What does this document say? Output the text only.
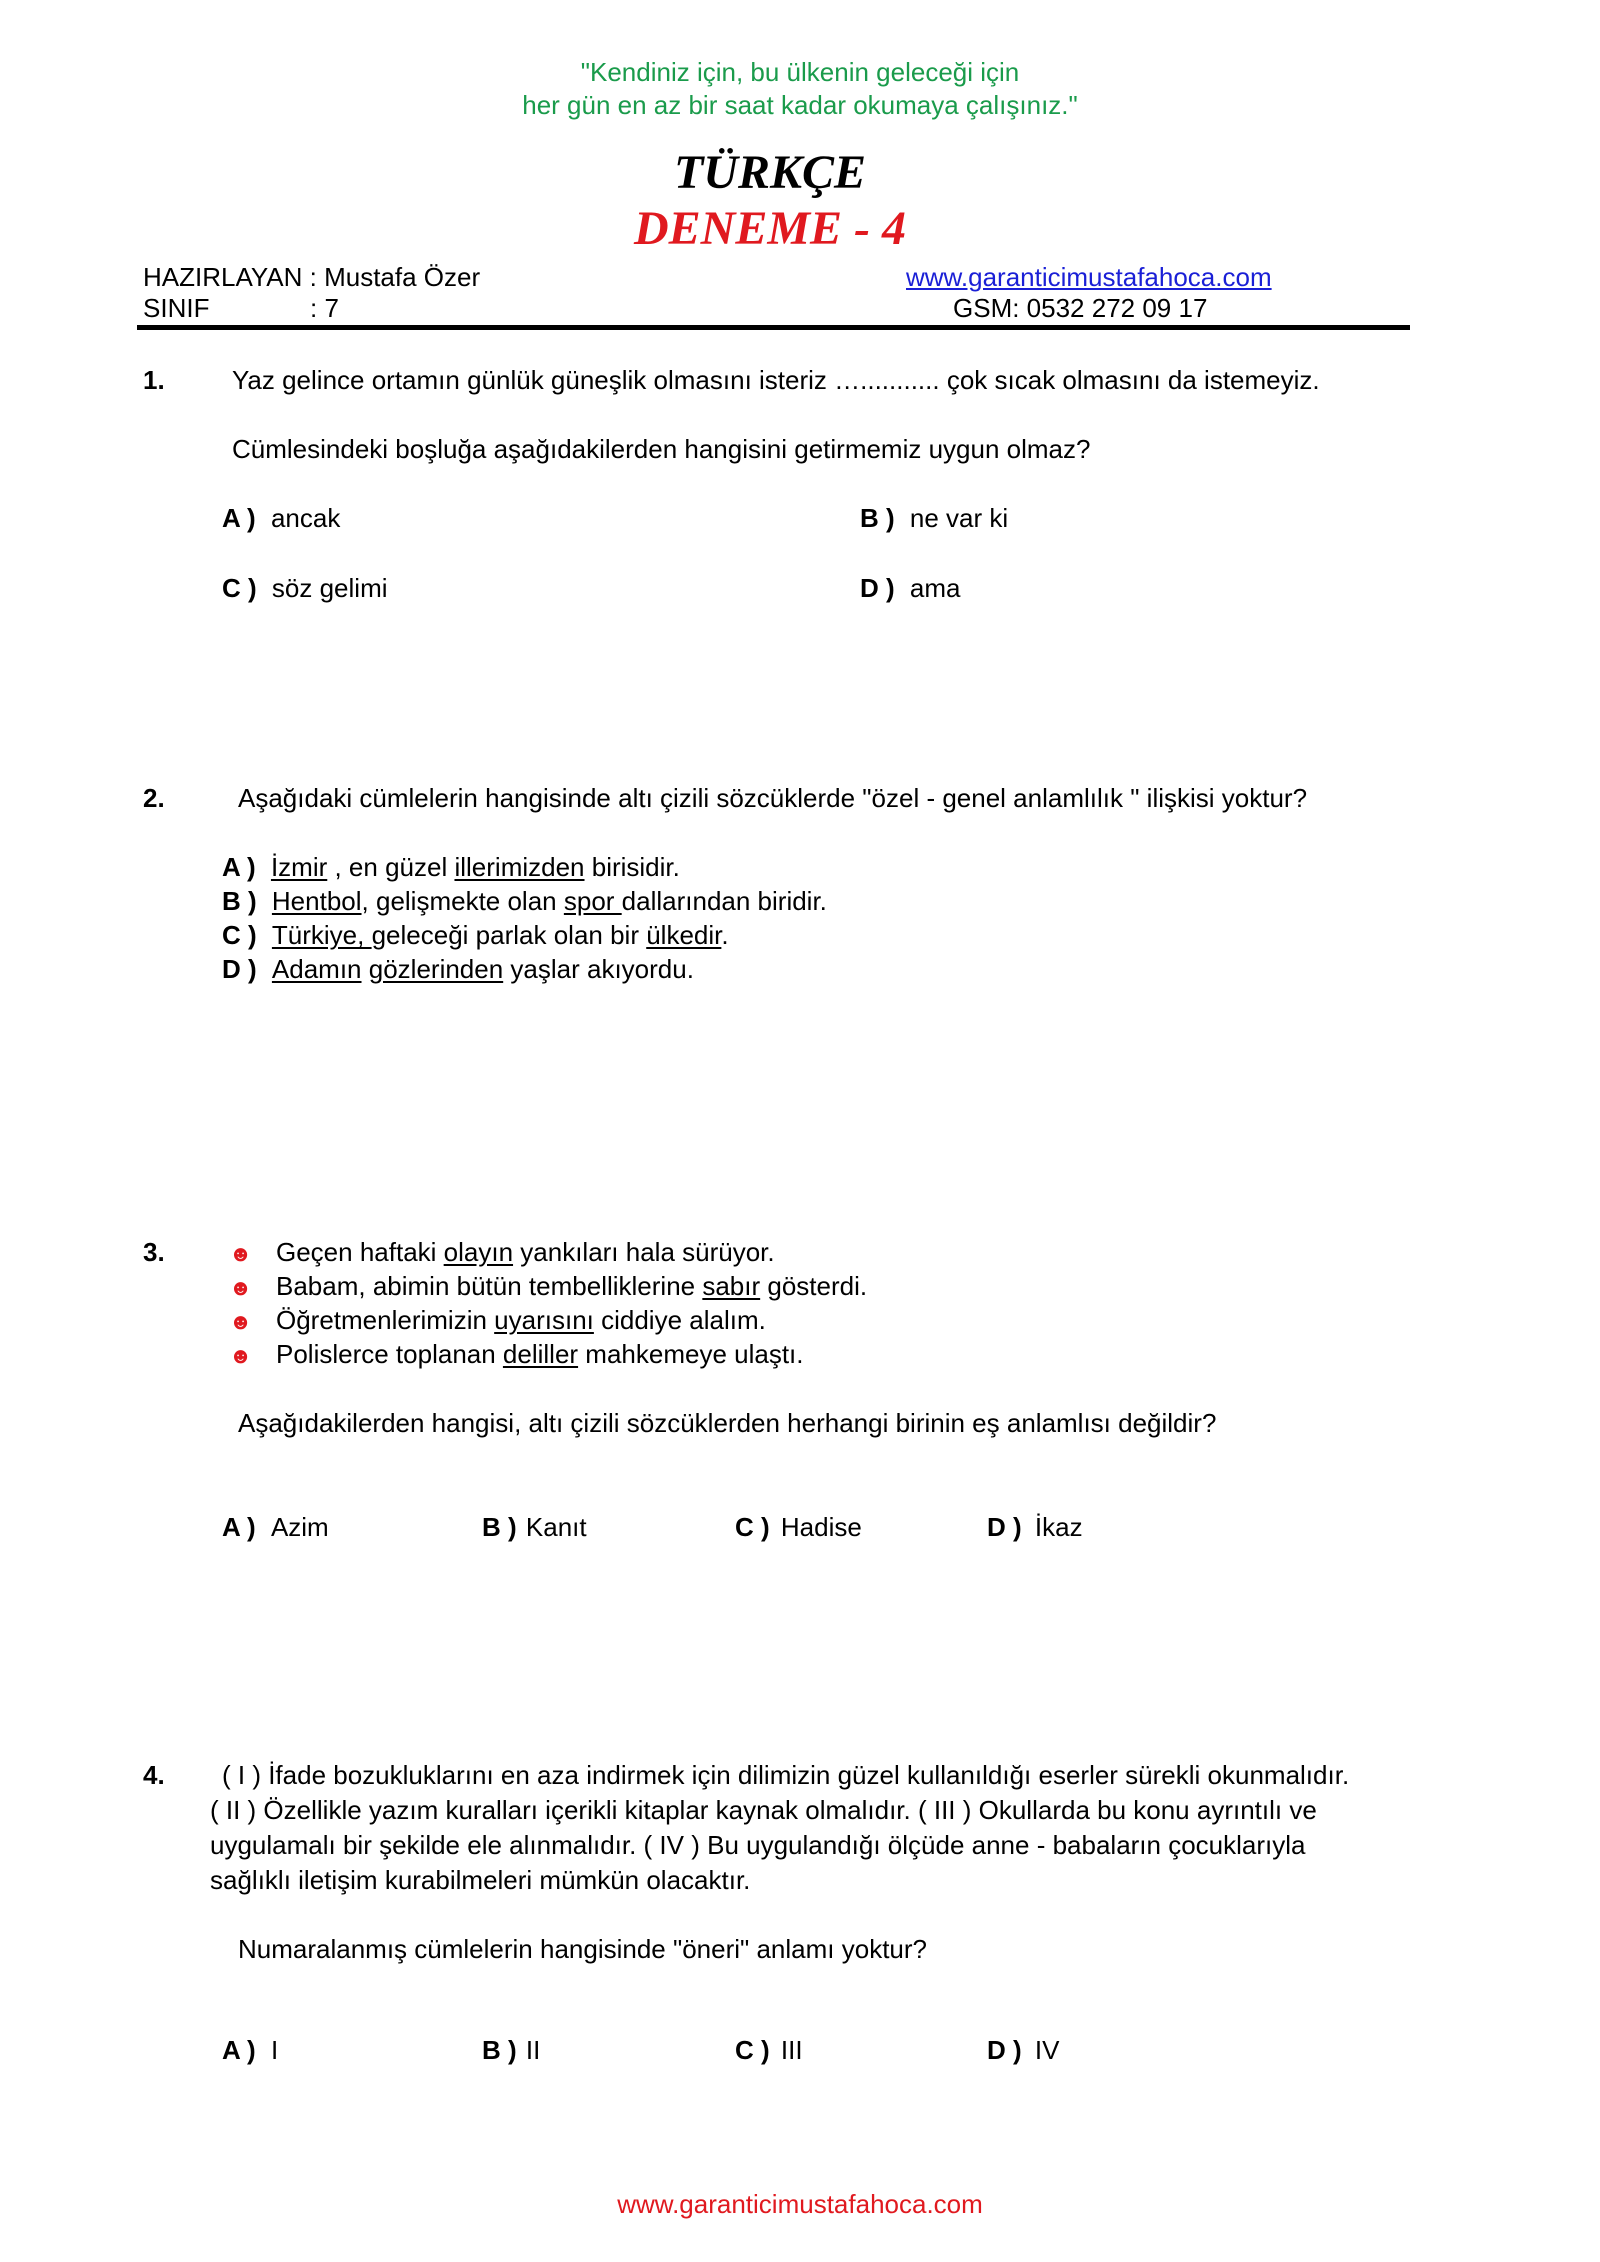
"Kendiniz için, bu ülkenin geleceği için
her gün en az bir saat kadar okumaya çalışınız."
TÜRKÇE
DENEME - 4
HAZIRLAYAN : Mustafa Özer	www.garanticimustafahoca.com
SINIF	: 7	GSM: 0532 272 09 17
1.	Yaz gelince ortamın günlük güneşlik olmasını isteriz …........... çok sıcak olmasını da istemeyiz.
Cümlesindeki boşluğa aşağıdakilerden hangisini getirmemiz uygun olmaz?
A ) ancak	B ) ne var ki
C ) söz gelimi	D ) ama
2.	Aşağıdaki cümlelerin hangisinde altı çizili sözcüklerde "özel - genel anlamlılık " ilişkisi yoktur?
A ) İzmir , en güzel illerimizden birisidir.
B ) Hentbol, gelişmekte olan spor dallarından biridir.
C ) Türkiye, geleceği parlak olan bir ülkedir.
D ) Adamın gözlerinden yaşlar akıyordu.
3.	☻ Geçen haftaki olayın yankıları hala sürüyor.
☻ Babam, abimin bütün tembelliklerine sabır gösterdi.
☻ Öğretmenlerimizin uyarısını ciddiye alalım.
☻ Polislerce toplanan deliller mahkemeye ulaştı.
Aşağıdakilerden hangisi, altı çizili sözcüklerden herhangi birinin eş anlamlısı değildir?
A ) Azim	B ) Kanıt	C ) Hadise	D ) İkaz
4. ( I ) İfade bozukluklarını en aza indirmek için dilimizin güzel kullanıldığı eserler sürekli okunmalıdır.
( II ) Özellikle yazım kuralları içerikli kitaplar kaynak olmalıdır. ( III ) Okullarda bu konu ayrıntılı ve
uygulamalı bir şekilde ele alınmalıdır. ( IV ) Bu uygulandığı ölçüde anne - babaların çocuklarıyla
sağlıklı iletişim kurabilmeleri mümkün olacaktır.
Numaralanmış cümlelerin hangisinde "öneri" anlamı yoktur?
A ) I	B ) II	C ) III	D ) IV
www.garanticimustafahoca.com
